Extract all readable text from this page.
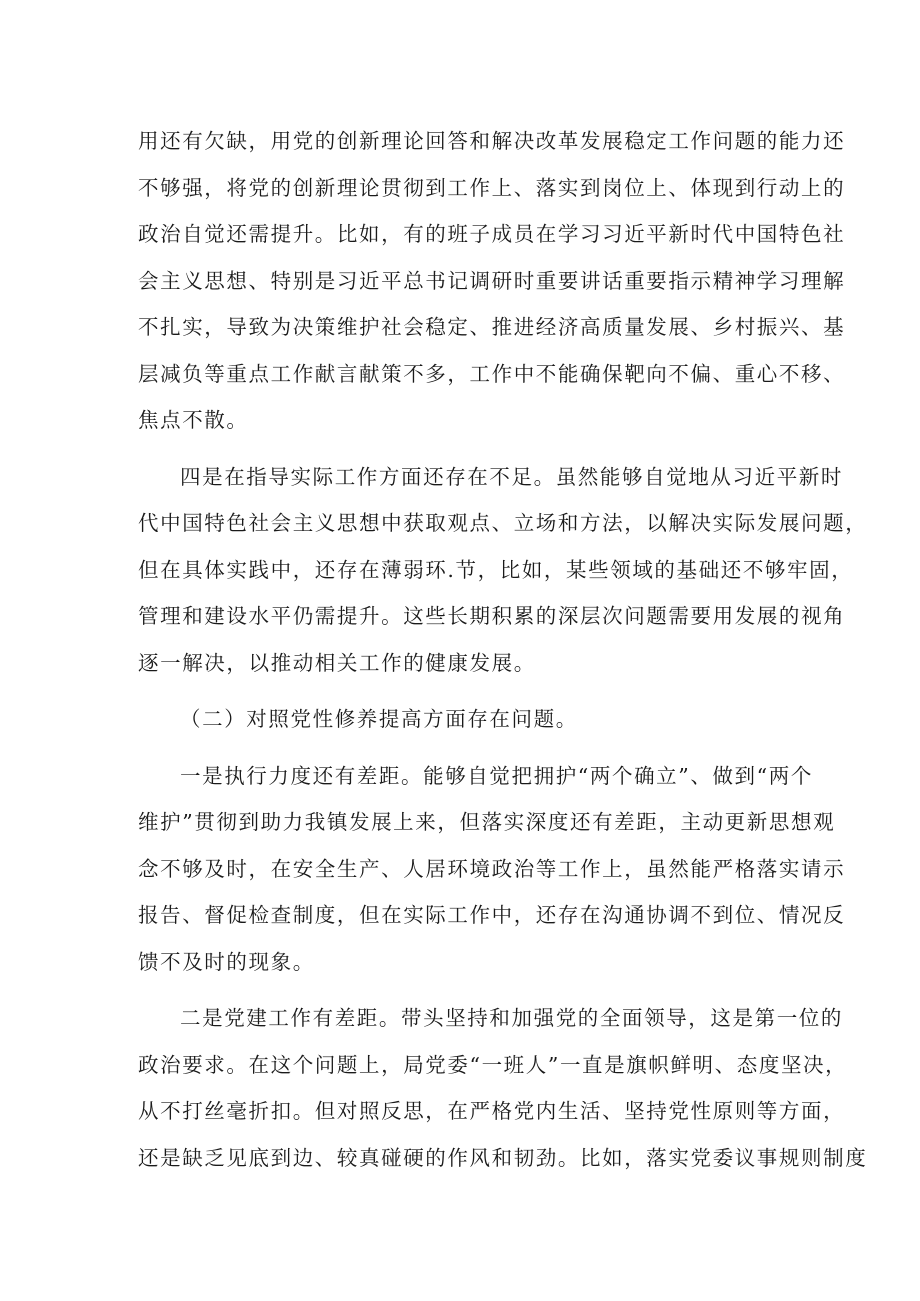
用还有欠缺，用党的创新理论回答和解决改革发展稳定工作问题的能力还
不够强，将党的创新理论贯彻到工作上、落实到岗位上、体现到行动上的
政治自觉还需提升。比如，有的班子成员在学习习近平新时代中国特色社
会主义思想、特别是习近平总书记调研时重要讲话重要指示精神学习理解
不扎实，导致为决策维护社会稳定、推进经济高质量发展、乡村振兴、基
层减负等重点工作献言献策不多，工作中不能确保靶向不偏、重心不移、
焦点不散。
四是在指导实际工作方面还存在不足。虽然能够自觉地从习近平新时
代中国特色社会主义思想中获取观点、立场和方法，以解决实际发展问题，
但在具体实践中，还存在薄弱环.节，比如，某些领域的基础还不够牢固，
管理和建设水平仍需提升。这些长期积累的深层次问题需要用发展的视角
逐一解决，以推动相关工作的健康发展。
（二）对照党性修养提高方面存在问题。
一是执行力度还有差距。能够自觉把拥护“两个确立”、做到“两个
维护”贯彻到助力我镇发展上来，但落实深度还有差距，主动更新思想观
念不够及时，在安全生产、人居环境政治等工作上，虽然能严格落实请示
报告、督促检查制度，但在实际工作中，还存在沟通协调不到位、情况反
馈不及时的现象。
二是党建工作有差距。带头坚持和加强党的全面领导，这是第一位的
政治要求。在这个问题上，局党委“一班人”一直是旗帜鲜明、态度坚决，
从不打丝毫折扣。但对照反思，在严格党内生活、坚持党性原则等方面，
还是缺乏见底到边、较真碰硬的作风和韧劲。比如，落实党委议事规则制度
